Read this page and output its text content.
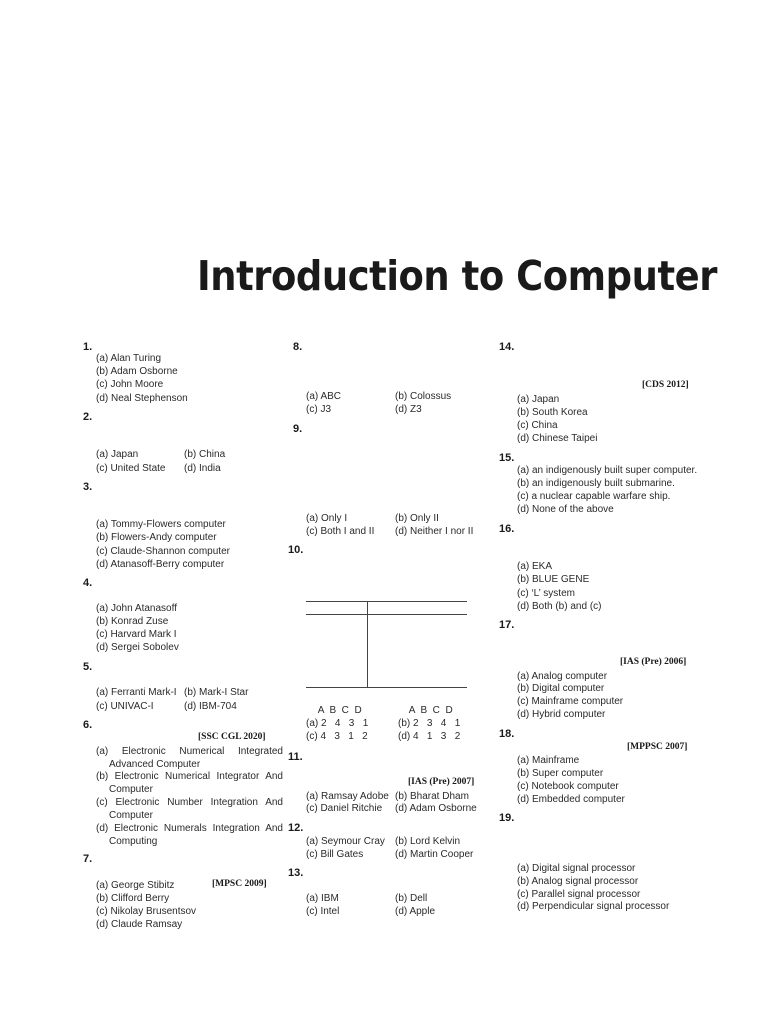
Introduction to Computer
1.
(a) Alan Turing
(b) Adam Osborne
(c) John Moore
(d) Neal Stephenson
2.
(a) Japan	(b) China
(c) United State (d) India
3.
(a) Tommy-Flowers computer
(b) Flowers-Andy computer
(c) Claude-Shannon computer
(d) Atanasoff-Berry computer
4.
(a) John Atanasoff
(b) Konrad Zuse
(c) Harvard Mark I
(d) Sergei Sobolev
5.
(a) Ferranti Mark-I (b) Mark-I Star
(c) UNIVAC-I	(d) IBM-704
6.
[SSC CGL 2020]
(a) Electronic Numerical Integrated Advanced Computer
(b) Electronic Numerical Integrator And Computer
(c) Electronic Number Integration And Computer
(d) Electronic Numerals Integration And Computing
7.
(a) George Stibitz	[MPSC 2009]
(b) Clifford Berry
(c) Nikolay Brusentsov
(d) Claude Ramsay
8.
(a) ABC	(b) Colossus
(c) J3	(d) Z3
9.
(a) Only I	(b) Only II
(c) Both I and II (d) Neither I nor II
10.
A  B  C  D	A  B  C  D
(a) 2   4   3   1	(b) 2   3   4   1
(c) 4   3   1   2	(d) 4   1   3   2
11.
[IAS (Pre) 2007]
(a) Ramsay Adobe (b) Bharat Dham
(c) Daniel Ritchie (d) Adam Osborne
12.
(a) Seymour Cray (b) Lord Kelvin
(c) Bill Gates	(d) Martin Cooper
13.
(a) IBM	(b) Dell
(c) Intel	(d) Apple
14.
[CDS 2012]
(a) Japan
(b) South Korea
(c) China
(d) Chinese Taipei
15.
(a) an indigenously built super computer.
(b) an indigenously built submarine.
(c) a nuclear capable warfare ship.
(d) None of the above
16.
(a) EKA
(b) BLUE GENE
(c) ‘L’ system
(d) Both (b) and (c)
17.
[IAS (Pre) 2006]
(a) Analog computer
(b) Digital computer
(c) Mainframe computer
(d) Hybrid computer
18.
[MPPSC 2007]
(a) Mainframe
(b) Super computer
(c) Notebook computer
(d) Embedded computer
19.
(a) Digital signal processor
(b) Analog signal processor
(c) Parallel signal processor
(d) Perpendicular signal processor
